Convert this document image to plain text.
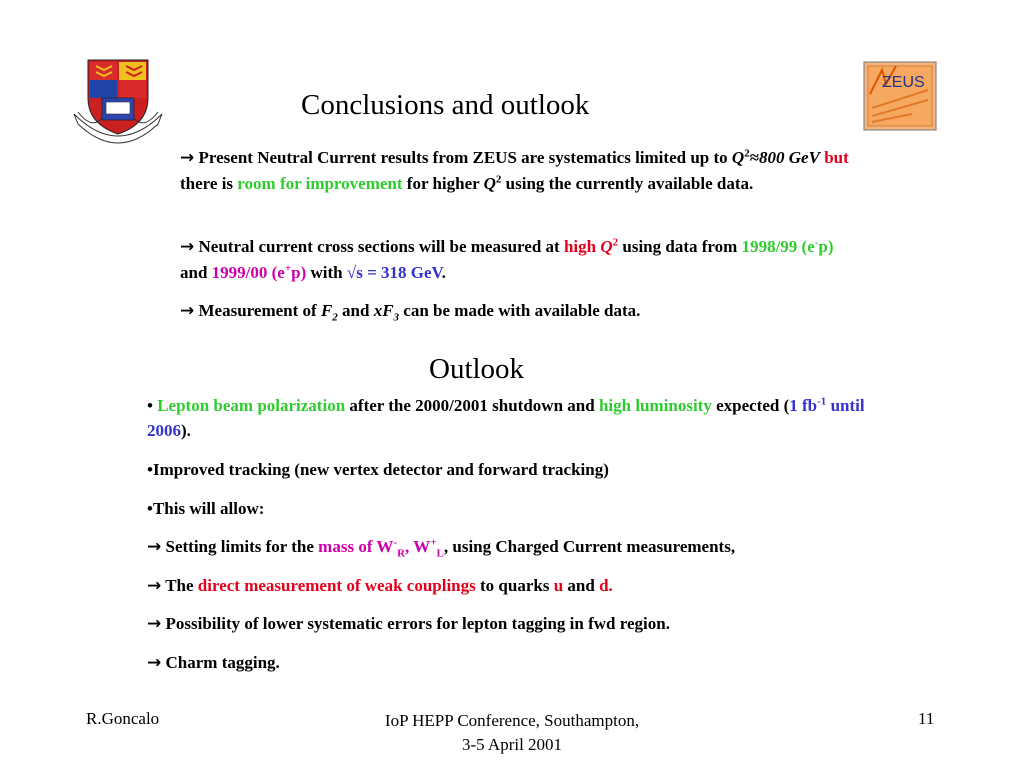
ZEUS
Conclusions and outlook
→ Present Neutral Current results from ZEUS are systematics limited up to $Q^2\approx 800$ GeV but there is room for improvement for higher $Q^2$ using the currently available data.
→ Neutral current cross sections will be measured at high $Q^2$ using data from 1998/99 (e-p) and 1999/00 (e+p) with √s = 318 GeV.
→ Measurement of $F_2$ and $xF_3$ can be made with available data.
Outlook
• Lepton beam polarization after the 2000/2001 shutdown and high luminosity expected (1 $fb^{-1}$ until 2006).
•Improved tracking (new vertex detector and forward tracking)
•This will allow:
→ Setting limits for the mass of $W^-_R$, $W^+_L$, using Charged Current measurements,
→ The direct measurement of weak couplings to quarks u and d.
→ Possibility of lower systematic errors for lepton tagging in fwd region.
→ Charm tagging.
R.Goncalo	IoP HEPP Conference, Southampton,
3-5 April 2001
11
